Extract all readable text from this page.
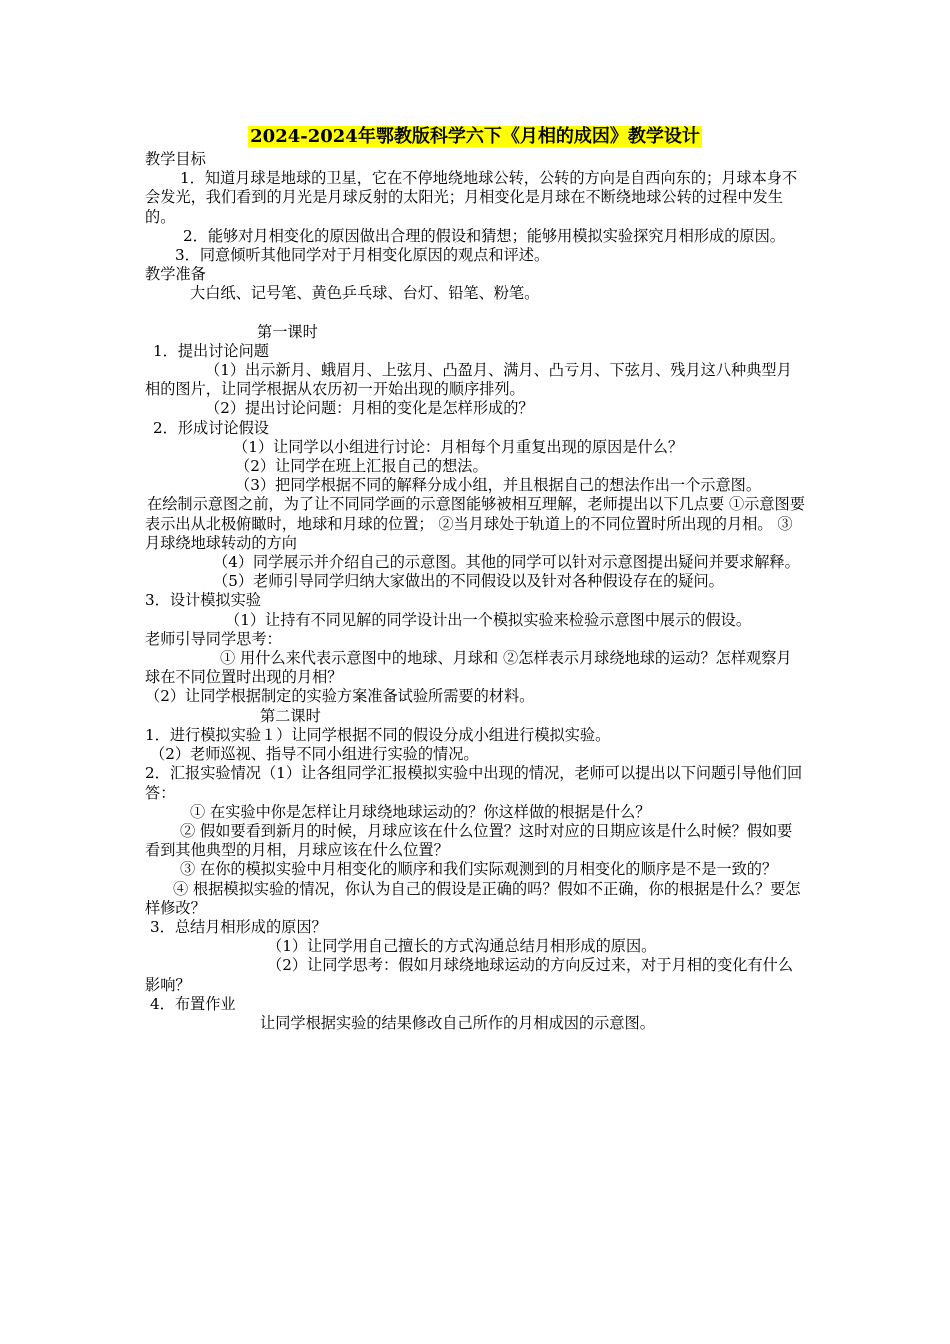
2024-2024年鄂教版科学六下《月相的成因》教学设计

教学目标

1．知道月球是地球的卫星，它在不停地绕地球公转，公转的方向是自西向东的；月球本身不会发光，我们看到的月光是月球反射的太阳光；月相变化是月球在不断绕地球公转的过程中发生的。

2．能够对月相变化的原因做出合理的假设和猜想；能够用模拟实验探究月相形成的原因。

3．同意倾听其他同学对于月相变化原因的观点和评述。

教学准备

大白纸、记号笔、黄色乒乓球、台灯、铅笔、粉笔。

第一课时

1．提出讨论问题

（1）出示新月、蛾眉月、上弦月、凸盈月、满月、凸亏月、下弦月、残月这八种典型月相的图片，让同学根据从农历初一开始出现的顺序排列。

（2）提出讨论问题：月相的变化是怎样形成的？

2．形成讨论假设

（1）让同学以小组进行讨论：月相每个月重复出现的原因是什么？

（2）让同学在班上汇报自己的想法。

（3）把同学根据不同的解释分成小组，并且根据自己的想法作出一个示意图。

在绘制示意图之前，为了让不同同学画的示意图能够被相互理解，老师提出以下几点要 ①示意图要表示出从北极俯瞰时，地球和月球的位置； ②当月球处于轨道上的不同位置时所出现的月相。 ③月球绕地球转动的方向

（4）同学展示并介绍自己的示意图。其他的同学可以针对示意图提出疑问并要求解释。

（5）老师引导同学归纳大家做出的不同假设以及针对各种假设存在的疑问。

3．设计模拟实验

（1）让持有不同见解的同学设计出一个模拟实验来检验示意图中展示的假设。

老师引导同学思考：

① 用什么来代表示意图中的地球、月球和 ②怎样表示月球绕地球的运动？怎样观察月球在不同位置时出现的月相？

（2）让同学根据制定的实验方案准备试验所需要的材料。

第二课时

1．进行模拟实验１）让同学根据不同的假设分成小组进行模拟实验。

（2）老师巡视、指导不同小组进行实验的情况。

2．汇报实验情况（1）让各组同学汇报模拟实验中出现的情况，老师可以提出以下问题引导他们回答：

① 在实验中你是怎样让月球绕地球运动的？你这样做的根据是什么？

② 假如要看到新月的时候，月球应该在什么位置？这时对应的日期应该是什么时候？假如要看到其他典型的月相，月球应该在什么位置？

③ 在你的模拟实验中月相变化的顺序和我们实际观测到的月相变化的顺序是不是一致的？

④ 根据模拟实验的情况，你认为自己的假设是正确的吗？假如不正确，你的根据是什么？要怎样修改？

3．总结月相形成的原因？

（1）让同学用自己擅长的方式沟通总结月相形成的原因。

（2）让同学思考：假如月球绕地球运动的方向反过来，对于月相的变化有什么影响？

4．布置作业

让同学根据实验的结果修改自己所作的月相成因的示意图。
